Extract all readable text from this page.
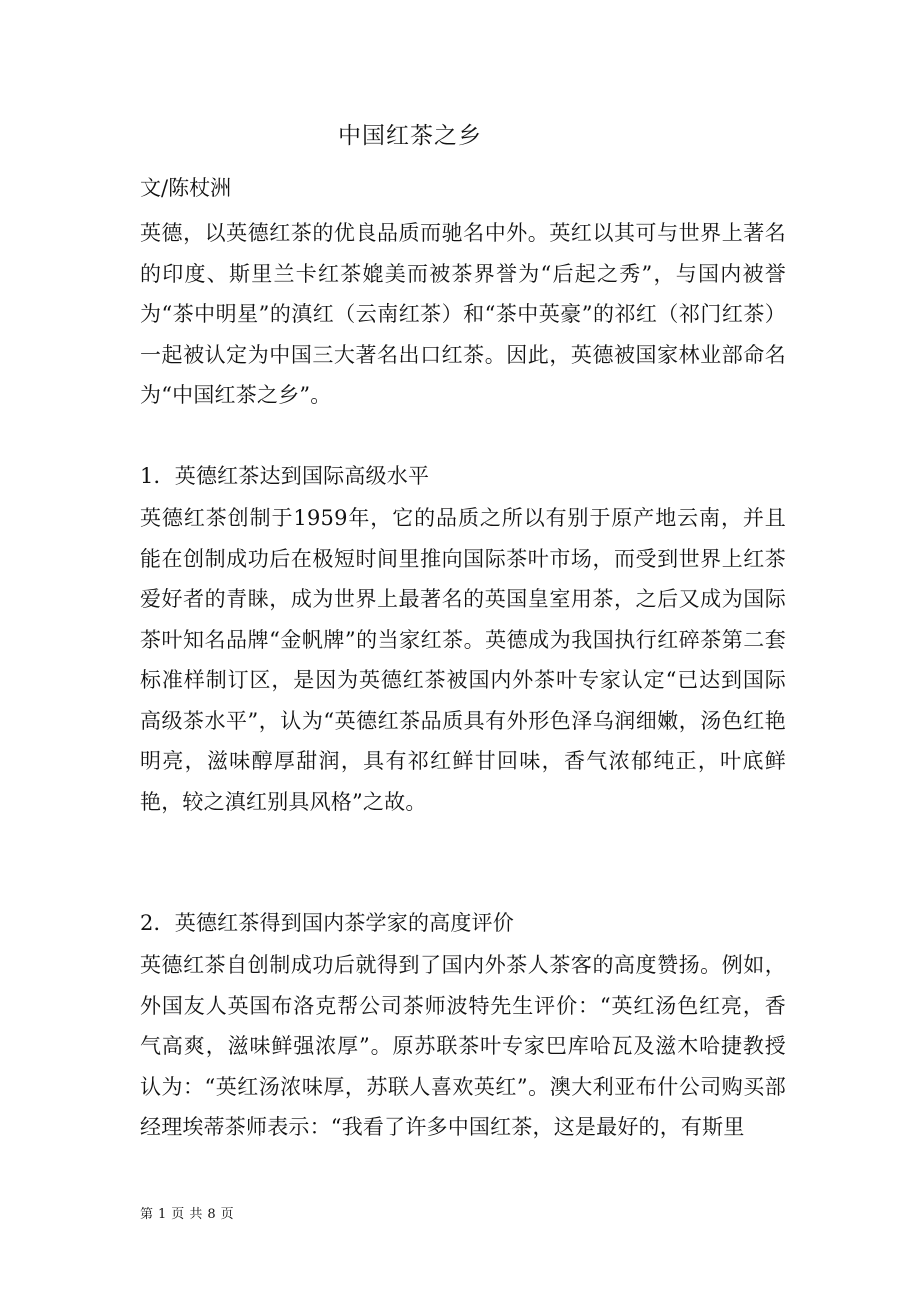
中国红茶之乡
文/陈杖洲

英德，以英德红茶的优良品质而驰名中外。英红以其可与世界上著名的印度、斯里兰卡红茶媲美而被茶界誉为“后起之秀”，与国内被誉为“茶中明星”的滇红（云南红茶）和“茶中英豪”的祁红（祁门红茶）一起被认定为中国三大著名出口红茶。因此，英德被国家林业部命名为“中国红茶之乡”。

1．英德红茶达到国际高级水平

英德红茶创制于1959年，它的品质之所以有别于原产地云南，并且能在创制成功后在极短时间里推向国际茶叶市场，而受到世界上红茶爱好者的青睐，成为世界上最著名的英国皇室用茶，之后又成为国际茶叶知名品牌“金帆牌”的当家红茶。英德成为我国执行红碎茶第二套标准样制订区，是因为英德红茶被国内外茶叶专家认定“已达到国际高级茶水平”，认为“英德红茶品质具有外形色泽乌润细嫩，汤色红艳明亮，滋味醇厚甜润，具有祁红鲜甘回味，香气浓郁纯正，叶底鲜艳，较之滇红别具风格”之故。

2．英德红茶得到国内茶学家的高度评价

英德红茶自创制成功后就得到了国内外茶人茶客的高度赞扬。例如，外国友人英国布洛克帮公司茶师波特先生评价：“英红汤色红亮，香气高爽，滋味鲜强浓厚”。原苏联茶叶专家巴库哈瓦及滋木哈捷教授认为：“英红汤浓味厚，苏联人喜欢英红”。澳大利亚布什公司购买部经理埃蒂茶师表示：“我看了许多中国红茶，这是最好的，有斯里

第 1 页 共 8 页
